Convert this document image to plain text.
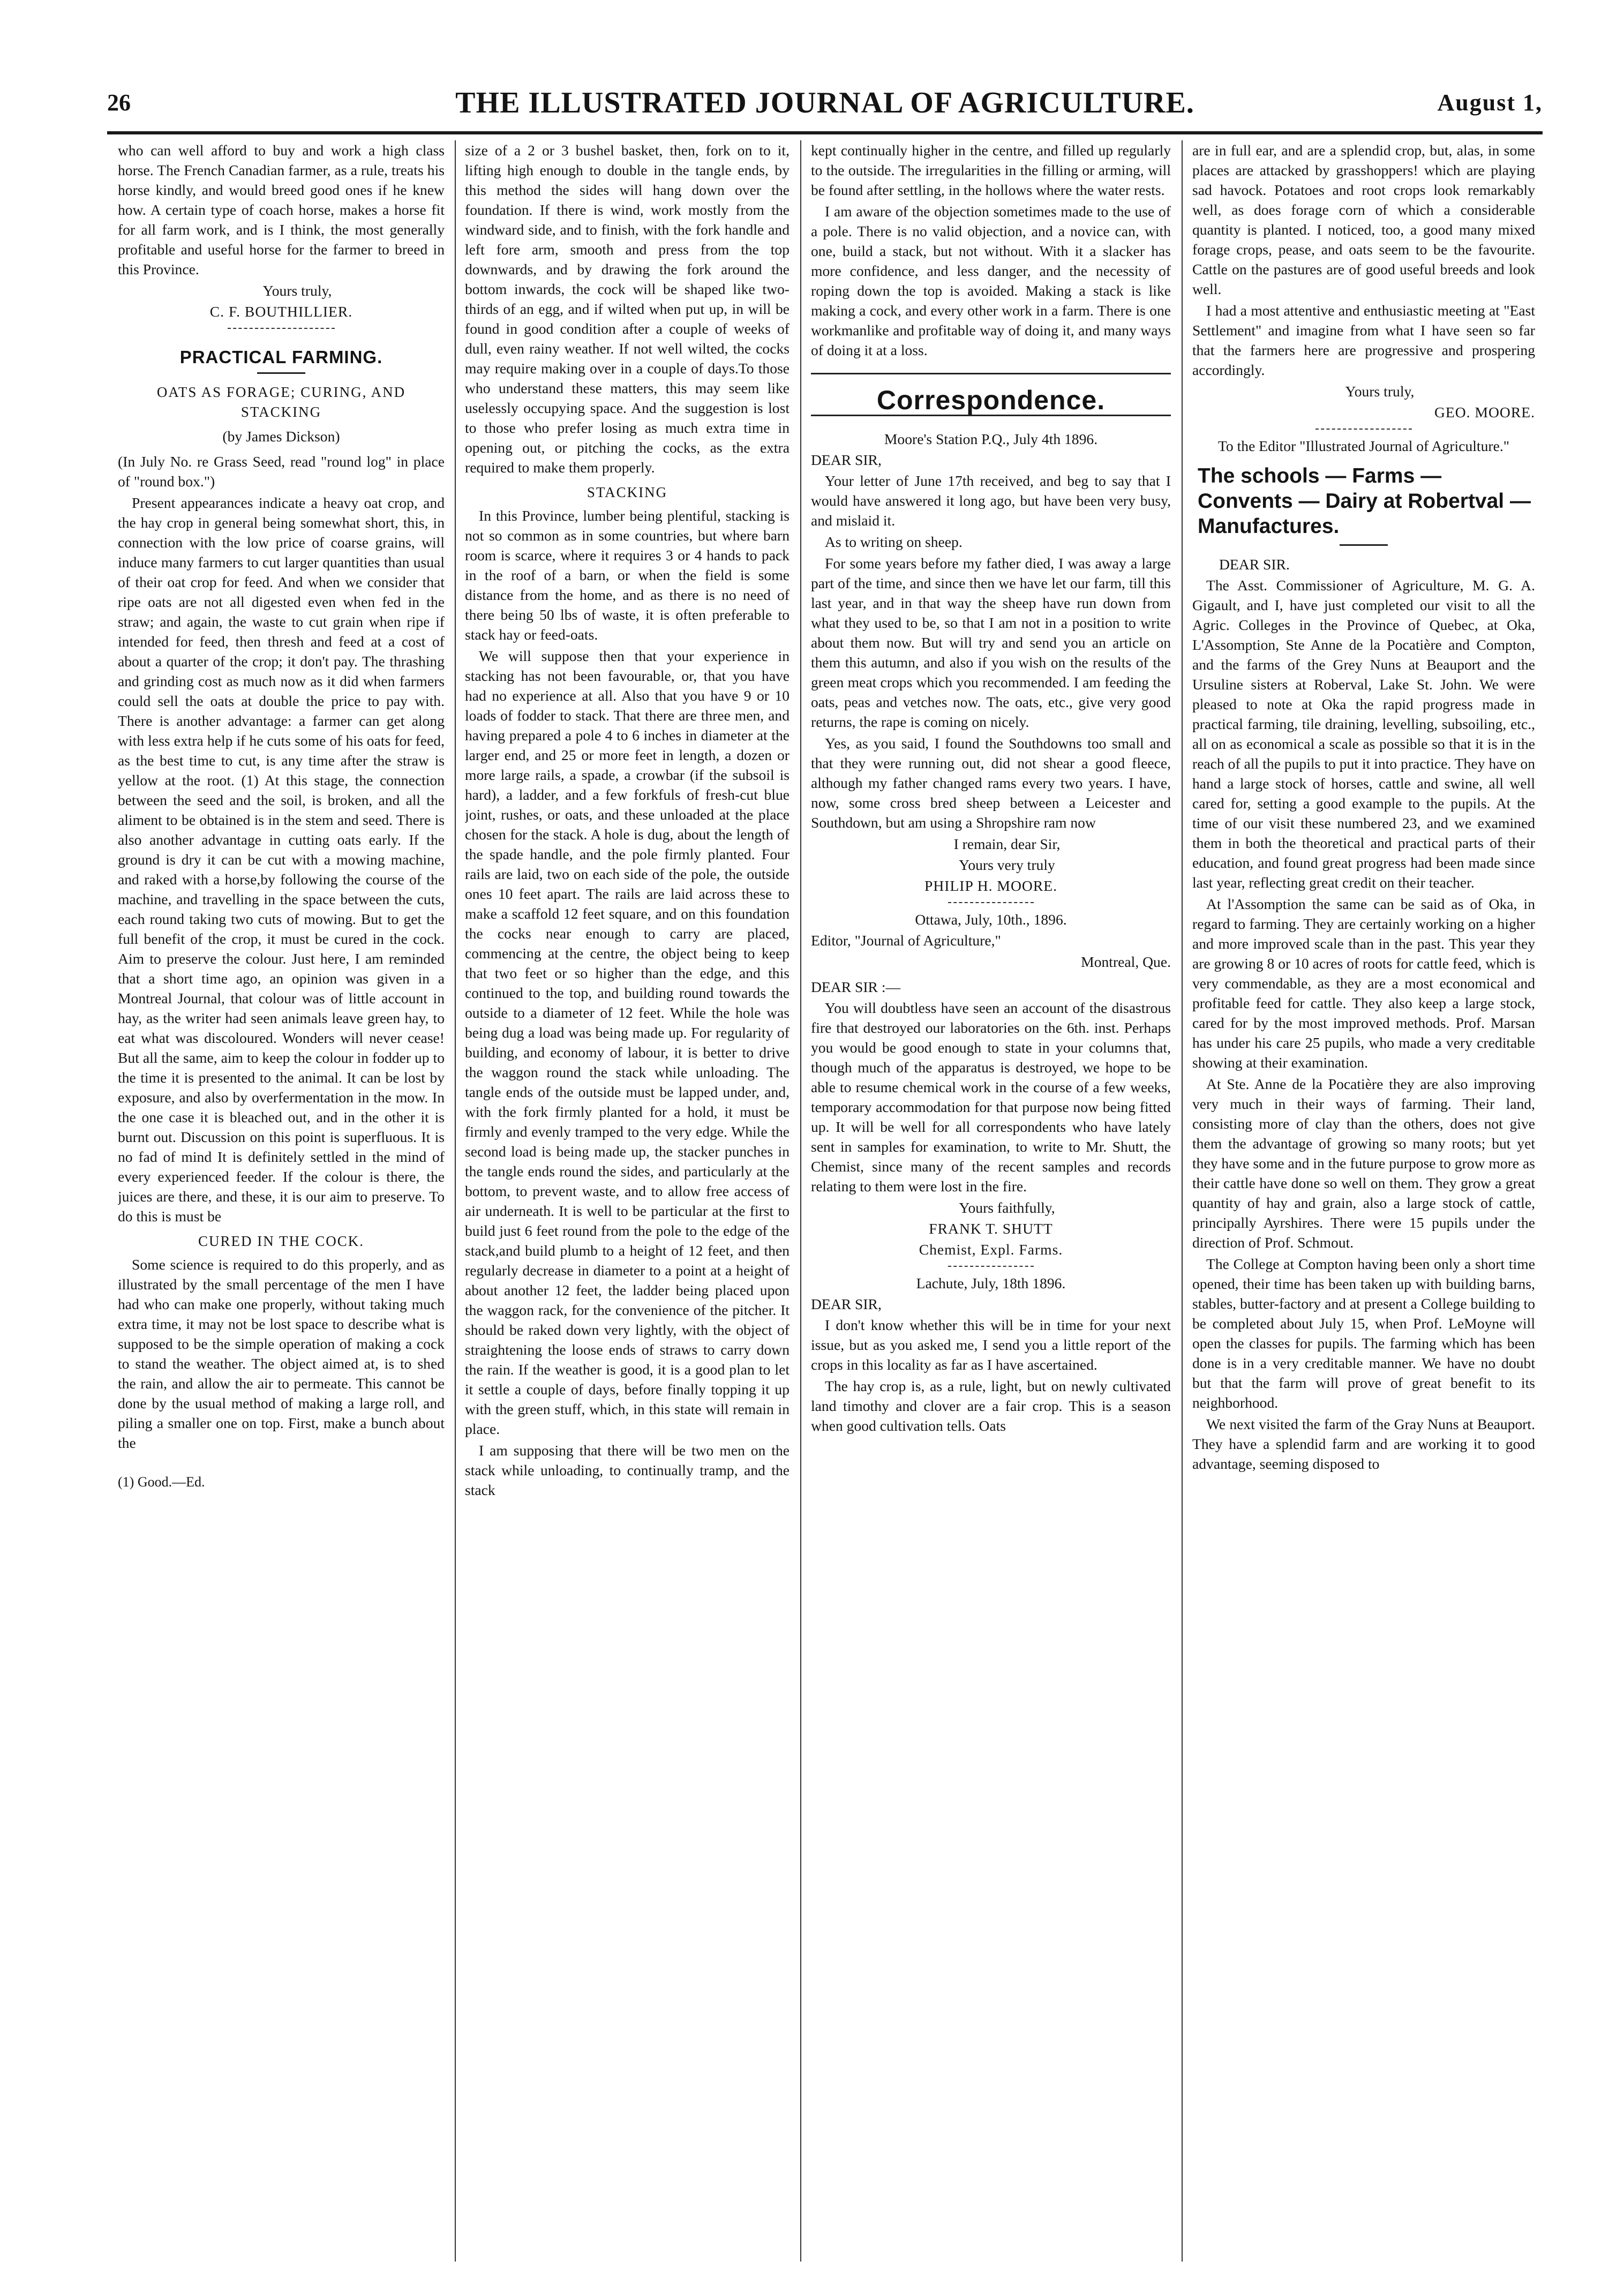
26	THE ILLUSTRATED JOURNAL OF AGRICULTURE.	August 1,

who can well afford to buy and work a high class horse. The French Canadian farmer, as a rule, treats his horse kindly, and would breed good ones if he knew how. A certain type of coach horse, makes a horse fit for all farm work, and is I think, the most generally profitable and useful horse for the farmer to breed in this Province.

Yours truly,

C. F. BOUTHILLIER.

PRACTICAL FARMING.
OATS AS FORAGE; CURING, AND STACKING
(by James Dickson)

(In July No. re Grass Seed, read "round log" in place of "round box.")

Present appearances indicate a heavy oat crop, and the hay crop in general being somewhat short, this, in connection with the low price of coarse grains, will induce many farmers to cut larger quantities than usual of their oat crop for feed. And when we consider that ripe oats are not all digested even when fed in the straw; and again, the waste to cut grain when ripe if intended for feed, then thresh and feed at a cost of about a quarter of the crop; it don't pay. The thrashing and grinding cost as much now as it did when farmers could sell the oats at double the price to pay with. There is another advantage: a farmer can get along with less extra help if he cuts some of his oats for feed, as the best time to cut, is any time after the straw is yellow at the root. (1) At this stage, the connection between the seed and the soil, is broken, and all the aliment to be obtained is in the stem and seed. There is also another advantage in cutting oats early. If the ground is dry it can be cut with a mowing machine, and raked with a horse,by following the course of the machine, and travelling in the space between the cuts, each round taking two cuts of mowing. But to get the full benefit of the crop, it must be cured in the cock. Aim to preserve the colour. Just here, I am reminded that a short time ago, an opinion was given in a Montreal Journal, that colour was of little account in hay, as the writer had seen animals leave green hay, to eat what was discoloured. Wonders will never cease! But all the same, aim to keep the colour in fodder up to the time it is presented to the animal. It can be lost by exposure, and also by overfermentation in the mow. In the one case it is bleached out, and in the other it is burnt out. Discussion on this point is superfluous. It is no fad of mind It is definitely settled in the mind of every experienced feeder. If the colour is there, the juices are there, and these, it is our aim to preserve. To do this is must be

CURED IN THE COCK.

Some science is required to do this properly, and as illustrated by the small percentage of the men I have had who can make one properly, without taking much extra time, it may not be lost space to describe what is supposed to be the simple operation of making a cock to stand the weather. The object aimed at, is to shed the rain, and allow the air to permeate. This cannot be done by the usual method of making a large roll, and piling a smaller one on top. First, make a bunch about the

(1) Good.—Ed.

size of a 2 or 3 bushel basket, then, fork on to it, lifting high enough to double in the tangle ends, by this method the sides will hang down over the foundation. If there is wind, work mostly from the windward side, and to finish, with the fork handle and left fore arm, smooth and press from the top downwards, and by drawing the fork around the bottom inwards, the cock will be shaped like two-thirds of an egg, and if wilted when put up, in will be found in good condition after a couple of weeks of dull, even rainy weather. If not well wilted, the cocks may require making over in a couple of days.To those who understand these matters, this may seem like uselessly occupying space. And the suggestion is lost to those who prefer losing as much extra time in opening out, or pitching the cocks, as the extra required to make them properly.

STACKING

In this Province, lumber being plentiful, stacking is not so common as in some countries, but where barn room is scarce, where it requires 3 or 4 hands to pack in the roof of a barn, or when the field is some distance from the home, and as there is no need of there being 50 lbs of waste, it is often preferable to stack hay or feed-oats.

We will suppose then that your experience in stacking has not been favourable, or, that you have had no experience at all. Also that you have 9 or 10 loads of fodder to stack. That there are three men, and having prepared a pole 4 to 6 inches in diameter at the larger end, and 25 or more feet in length, a dozen or more large rails, a spade, a crowbar (if the subsoil is hard), a ladder, and a few forkfuls of fresh-cut blue joint, rushes, or oats, and these unloaded at the place chosen for the stack. A hole is dug, about the length of the spade handle, and the pole firmly planted. Four rails are laid, two on each side of the pole, the outside ones 10 feet apart. The rails are laid across these to make a scaffold 12 feet square, and on this foundation the cocks near enough to carry are placed, commencing at the centre, the object being to keep that two feet or so higher than the edge, and this continued to the top, and building round towards the outside to a diameter of 12 feet. While the hole was being dug a load was being made up. For regularity of building, and economy of labour, it is better to drive the waggon round the stack while unloading. The tangle ends of the outside must be lapped under, and, with the fork firmly planted for a hold, it must be firmly and evenly tramped to the very edge. While the second load is being made up, the stacker punches in the tangle ends round the sides, and particularly at the bottom, to prevent waste, and to allow free access of air underneath. It is well to be particular at the first to build just 6 feet round from the pole to the edge of the stack,and build plumb to a height of 12 feet, and then regularly decrease in diameter to a point at a height of about another 12 feet, the ladder being placed upon the waggon rack, for the convenience of the pitcher. It should be raked down very lightly, with the object of straightening the loose ends of straws to carry down the rain. If the weather is good, it is a good plan to let it settle a couple of days, before finally topping it up with the green stuff, which, in this state will remain in place.

I am supposing that there will be two men on the stack while unloading, to continually tramp, and the stack

kept continually higher in the centre, and filled up regularly to the outside. The irregularities in the filling or arming, will be found after settling, in the hollows where the water rests.

I am aware of the objection sometimes made to the use of a pole. There is no valid objection, and a novice can, with one, build a stack, but not without. With it a slacker has more confidence, and less danger, and the necessity of roping down the top is avoided. Making a stack is like making a cock, and every other work in a farm. There is one workmanlike and profitable way of doing it, and many ways of doing it at a loss.

Correspondence.

Moore's Station P.Q., July 4th 1896.

DEAR SIR,

Your letter of June 17th received, and beg to say that I would have answered it long ago, but have been very busy, and mislaid it.

As to writing on sheep.

For some years before my father died, I was away a large part of the time, and since then we have let our farm, till this last year, and in that way the sheep have run down from what they used to be, so that I am not in a position to write about them now. But will try and send you an article on them this autumn, and also if you wish on the results of the green meat crops which you recommended. I am feeding the oats, peas and vetches now. The oats, etc., give very good returns, the rape is coming on nicely.

Yes, as you said, I found the Southdowns too small and that they were running out, did not shear a good fleece, although my father changed rams every two years. I have, now, some cross bred sheep between a Leicester and Southdown, but am using a Shropshire ram now

I remain, dear Sir,

Yours very truly

PHILIP H. MOORE.

Ottawa, July, 10th., 1896.

Editor, "Journal of Agriculture,"

Montreal, Que.

DEAR SIR :—

You will doubtless have seen an account of the disastrous fire that destroyed our laboratories on the 6th. inst. Perhaps you would be good enough to state in your columns that, though much of the apparatus is destroyed, we hope to be able to resume chemical work in the course of a few weeks, temporary accommodation for that purpose now being fitted up. It will be well for all correspondents who have lately sent in samples for examination, to write to Mr. Shutt, the Chemist, since many of the recent samples and records relating to them were lost in the fire.

Yours faithfully,

FRANK T. SHUTT

Chemist, Expl. Farms.

Lachute, July, 18th 1896.

DEAR SIR,

I don't know whether this will be in time for your next issue, but as you asked me, I send you a little report of the crops in this locality as far as I have ascertained.

The hay crop is, as a rule, light, but on newly cultivated land timothy and clover are a fair crop. This is a season when good cultivation tells. Oats

are in full ear, and are a splendid crop, but, alas, in some places are attacked by grasshoppers! which are playing sad havock. Potatoes and root crops look remarkably well, as does forage corn of which a considerable quantity is planted. I noticed, too, a good many mixed forage crops, pease, and oats seem to be the favourite. Cattle on the pastures are of good useful breeds and look well.

I had a most attentive and enthusiastic meeting at "East Settlement" and imagine from what I have seen so far that the farmers here are progressive and prospering accordingly.

Yours truly,

GEO. MOORE.

To the Editor "Illustrated Journal of Agriculture."

The schools — Farms — Convents — Dairy at Robertval — Manufactures.

DEAR SIR.

The Asst. Commissioner of Agriculture, M. G. A. Gigault, and I, have just completed our visit to all the Agric. Colleges in the Province of Quebec, at Oka, L'Assomption, Ste Anne de la Pocatière and Compton, and the farms of the Grey Nuns at Beauport and the Ursuline sisters at Roberval, Lake St. John. We were pleased to note at Oka the rapid progress made in practical farming, tile draining, levelling, subsoiling, etc., all on as economical a scale as possible so that it is in the reach of all the pupils to put it into practice. They have on hand a large stock of horses, cattle and swine, all well cared for, setting a good example to the pupils. At the time of our visit these numbered 23, and we examined them in both the theoretical and practical parts of their education, and found great progress had been made since last year, reflecting great credit on their teacher.

At l'Assomption the same can be said as of Oka, in regard to farming. They are certainly working on a higher and more improved scale than in the past. This year they are growing 8 or 10 acres of roots for cattle feed, which is very commendable, as they are a most economical and profitable feed for cattle. They also keep a large stock, cared for by the most improved methods. Prof. Marsan has under his care 25 pupils, who made a very creditable showing at their examination.

At Ste. Anne de la Pocatière they are also improving very much in their ways of farming. Their land, consisting more of clay than the others, does not give them the advantage of growing so many roots; but yet they have some and in the future purpose to grow more as their cattle have done so well on them. They grow a great quantity of hay and grain, also a large stock of cattle, principally Ayrshires. There were 15 pupils under the direction of Prof. Schmout.

The College at Compton having been only a short time opened, their time has been taken up with building barns, stables, butter-factory and at present a College building to be completed about July 15, when Prof. LeMoyne will open the classes for pupils. The farming which has been done is in a very creditable manner. We have no doubt but that the farm will prove of great benefit to its neighborhood.

We next visited the farm of the Gray Nuns at Beauport. They have a splendid farm and are working it to good advantage, seeming disposed to
